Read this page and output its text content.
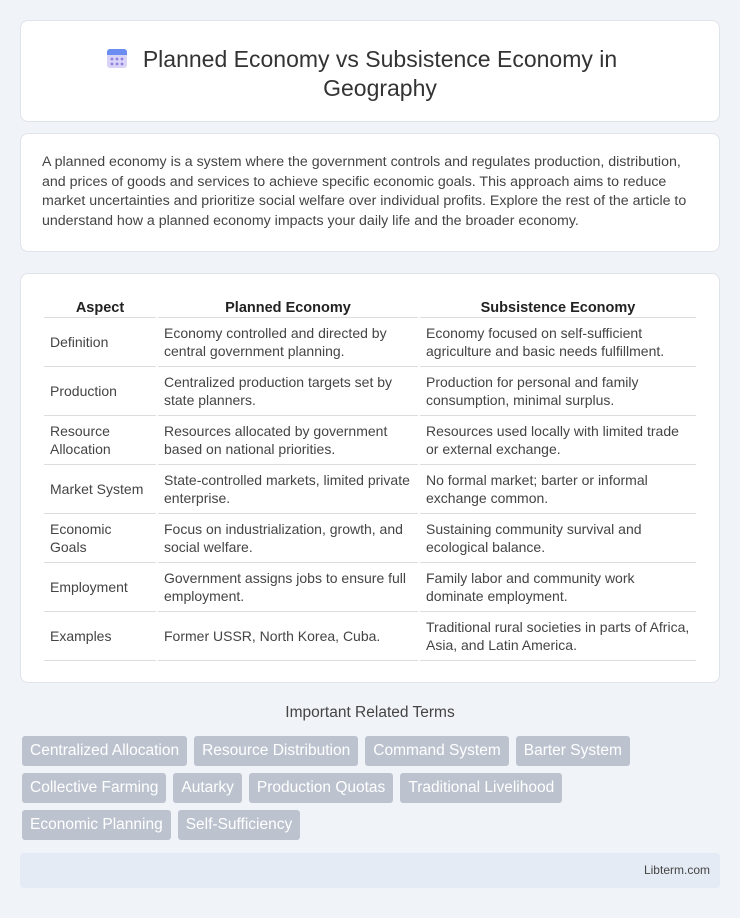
Planned Economy vs Subsistence Economy in Geography

A planned economy is a system where the government controls and regulates production, distribution, and prices of goods and services to achieve specific economic goals. This approach aims to reduce market uncertainties and prioritize social welfare over individual profits. Explore the rest of the article to understand how a planned economy impacts your daily life and the broader economy.

Aspect	Planned Economy	Subsistence Economy
Definition	Economy controlled and directed by central government planning.	Economy focused on self-sufficient agriculture and basic needs fulfillment.
Production	Centralized production targets set by state planners.	Production for personal and family consumption, minimal surplus.
Resource Allocation	Resources allocated by government based on national priorities.	Resources used locally with limited trade or external exchange.
Market System	State-controlled markets, limited private enterprise.	No formal market; barter or informal exchange common.
Economic Goals	Focus on industrialization, growth, and social welfare.	Sustaining community survival and ecological balance.
Employment	Government assigns jobs to ensure full employment.	Family labor and community work dominate employment.
Examples	Former USSR, North Korea, Cuba.	Traditional rural societies in parts of Africa, Asia, and Latin America.
Important Related Terms
Centralized Allocation	Resource Distribution	Command System	Barter System
Collective Farming	Autarky	Production Quotas	Traditional Livelihood
Economic Planning	Self-Sufficiency
Libterm.com
